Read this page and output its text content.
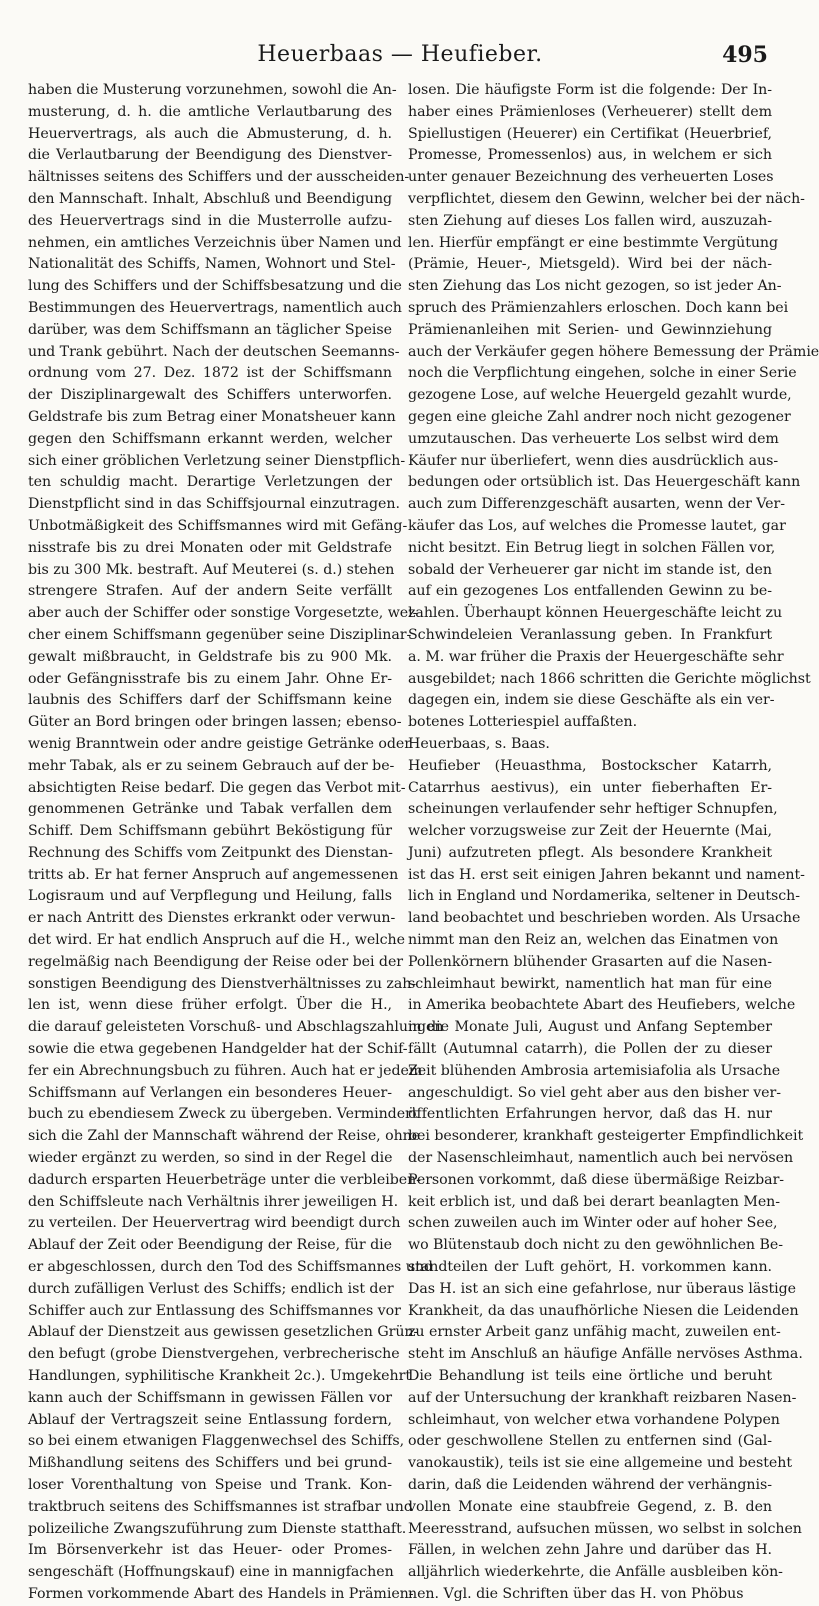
Heuerbaas — Heufieber.	495
haben die Musterung vorzunehmen, sowohl die An-
musterung, d. h. die amtliche Verlautbarung des
Heuervertrags, als auch die Abmusterung, d. h.
die Verlautbarung der Beendigung des Dienstver-
hältnisses seitens des Schiffers und der ausscheiden-
den Mannschaft. Inhalt, Abschluß und Beendigung
des Heuervertrags sind in die Musterrolle aufzu-
nehmen, ein amtliches Verzeichnis über Namen und
Nationalität des Schiffs, Namen, Wohnort und Stel-
lung des Schiffers und der Schiffsbesatzung und die
Bestimmungen des Heuervertrags, namentlich auch
darüber, was dem Schiffsmann an täglicher Speise
und Trank gebührt. Nach der deutschen Seemanns-
ordnung vom 27. Dez. 1872 ist der Schiffsmann
der Disziplinargewalt des Schiffers unterworfen.
Geldstrafe bis zum Betrag einer Monatsheuer kann
gegen den Schiffsmann erkannt werden, welcher
sich einer gröblichen Verletzung seiner Dienstpflich-
ten schuldig macht. Derartige Verletzungen der
Dienstpflicht sind in das Schiffsjournal einzutragen.
Unbotmäßigkeit des Schiffsmannes wird mit Gefäng-
nisstrafe bis zu drei Monaten oder mit Geldstrafe
bis zu 300 Mk. bestraft. Auf Meuterei (s. d.) stehen
strengere Strafen. Auf der andern Seite verfällt
aber auch der Schiffer oder sonstige Vorgesetzte, wel-
cher einem Schiffsmann gegenüber seine Disziplinar-
gewalt mißbraucht, in Geldstrafe bis zu 900 Mk.
oder Gefängnisstrafe bis zu einem Jahr. Ohne Er-
laubnis des Schiffers darf der Schiffsmann keine
Güter an Bord bringen oder bringen lassen; ebenso-
wenig Branntwein oder andre geistige Getränke oder
mehr Tabak, als er zu seinem Gebrauch auf der be-
absichtigten Reise bedarf. Die gegen das Verbot mit-
genommenen Getränke und Tabak verfallen dem
Schiff. Dem Schiffsmann gebührt Beköstigung für
Rechnung des Schiffs vom Zeitpunkt des Dienstan-
tritts ab. Er hat ferner Anspruch auf angemessenen
Logisraum und auf Verpflegung und Heilung, falls
er nach Antritt des Dienstes erkrankt oder verwun-
det wird. Er hat endlich Anspruch auf die H., welche
regelmäßig nach Beendigung der Reise oder bei der
sonstigen Beendigung des Dienstverhältnisses zu zah-
len ist, wenn diese früher erfolgt. Über die H.,
die darauf geleisteten Vorschuß- und Abschlagszahlungen
sowie die etwa gegebenen Handgelder hat der Schif-
fer ein Abrechnungsbuch zu führen. Auch hat er jedem
Schiffsmann auf Verlangen ein besonderes Heuer-
buch zu ebendiesem Zweck zu übergeben. Vermindert
sich die Zahl der Mannschaft während der Reise, ohne
wieder ergänzt zu werden, so sind in der Regel die
dadurch ersparten Heuerbeträge unter die verbleiben-
den Schiffsleute nach Verhältnis ihrer jeweiligen H.
zu verteilen. Der Heuervertrag wird beendigt durch
Ablauf der Zeit oder Beendigung der Reise, für die
er abgeschlossen, durch den Tod des Schiffsmannes und
durch zufälligen Verlust des Schiffs; endlich ist der
Schiffer auch zur Entlassung des Schiffsmannes vor
Ablauf der Dienstzeit aus gewissen gesetzlichen Grün-
den befugt (grobe Dienstvergehen, verbrecherische
Handlungen, syphilitische Krankheit 2c.). Umgekehrt
kann auch der Schiffsmann in gewissen Fällen vor
Ablauf der Vertragszeit seine Entlassung fordern,
so bei einem etwanigen Flaggenwechsel des Schiffs,
Mißhandlung seitens des Schiffers und bei grund-
loser Vorenthaltung von Speise und Trank. Kon-
traktbruch seitens des Schiffsmannes ist strafbar und
polizeiliche Zwangszuführung zum Dienste statthaft.
Im Börsenverkehr ist das Heuer- oder Promes-
sengeschäft (Hoffnungskauf) eine in mannigfachen
Formen vorkommende Abart des Handels in Prämien-
losen. Die häufigste Form ist die folgende: Der In-
haber eines Prämienloses (Verheuerer) stellt dem
Spiellustigen (Heuerer) ein Certifikat (Heuerbrief,
Promesse, Promessenlos) aus, in welchem er sich
unter genauer Bezeichnung des verheuerten Loses
verpflichtet, diesem den Gewinn, welcher bei der näch-
sten Ziehung auf dieses Los fallen wird, auszuzah-
len. Hierfür empfängt er eine bestimmte Vergütung
(Prämie, Heuer-, Mietsgeld). Wird bei der näch-
sten Ziehung das Los nicht gezogen, so ist jeder An-
spruch des Prämienzahlers erloschen. Doch kann bei
Prämienanleihen mit Serien- und Gewinnziehung
auch der Verkäufer gegen höhere Bemessung der Prämie
noch die Verpflichtung eingehen, solche in einer Serie
gezogene Lose, auf welche Heuergeld gezahlt wurde,
gegen eine gleiche Zahl andrer noch nicht gezogener
umzutauschen. Das verheuerte Los selbst wird dem
Käufer nur überliefert, wenn dies ausdrücklich aus-
bedungen oder ortsüblich ist. Das Heuergeschäft kann
auch zum Differenzgeschäft ausarten, wenn der Ver-
käufer das Los, auf welches die Promesse lautet, gar
nicht besitzt. Ein Betrug liegt in solchen Fällen vor,
sobald der Verheuerer gar nicht im stande ist, den
auf ein gezogenes Los entfallenden Gewinn zu be-
zahlen. Überhaupt können Heuergeschäfte leicht zu
Schwindeleien Veranlassung geben. In Frankfurt
a. M. war früher die Praxis der Heuergeschäfte sehr
ausgebildet; nach 1866 schritten die Gerichte möglichst
dagegen ein, indem sie diese Geschäfte als ein ver-
botenes Lotteriespiel auffaßten.
Heuerbaas, s. Baas.
Heufieber (Heuasthma, Bostockscher Katarrh,
Catarrhus aestivus), ein unter fieberhaften Er-
scheinungen verlaufender sehr heftiger Schnupfen,
welcher vorzugsweise zur Zeit der Heuernte (Mai,
Juni) aufzutreten pflegt. Als besondere Krankheit
ist das H. erst seit einigen Jahren bekannt und nament-
lich in England und Nordamerika, seltener in Deutsch-
land beobachtet und beschrieben worden. Als Ursache
nimmt man den Reiz an, welchen das Einatmen von
Pollenkörnern blühender Grasarten auf die Nasen-
schleimhaut bewirkt, namentlich hat man für eine
in Amerika beobachtete Abart des Heufiebers, welche
in die Monate Juli, August und Anfang September
fällt (Autumnal catarrh), die Pollen der zu dieser
Zeit blühenden Ambrosia artemisiafolia als Ursache
angeschuldigt. So viel geht aber aus den bisher ver-
öffentlichten Erfahrungen hervor, daß das H. nur
bei besonderer, krankhaft gesteigerter Empfindlichkeit
der Nasenschleimhaut, namentlich auch bei nervösen
Personen vorkommt, daß diese übermäßige Reizbar-
keit erblich ist, und daß bei derart beanlagten Men-
schen zuweilen auch im Winter oder auf hoher See,
wo Blütenstaub doch nicht zu den gewöhnlichen Be-
standteilen der Luft gehört, H. vorkommen kann.
Das H. ist an sich eine gefahrlose, nur überaus lästige
Krankheit, da das unaufhörliche Niesen die Leidenden
zu ernster Arbeit ganz unfähig macht, zuweilen ent-
steht im Anschluß an häufige Anfälle nervöses Asthma.
Die Behandlung ist teils eine örtliche und beruht
auf der Untersuchung der krankhaft reizbaren Nasen-
schleimhaut, von welcher etwa vorhandene Polypen
oder geschwollene Stellen zu entfernen sind (Gal-
vanokaustik), teils ist sie eine allgemeine und besteht
darin, daß die Leidenden während der verhängnis-
vollen Monate eine staubfreie Gegend, z. B. den
Meeresstrand, aufsuchen müssen, wo selbst in solchen
Fällen, in welchen zehn Jahre und darüber das H.
alljährlich wiederkehrte, die Anfälle ausbleiben kön-
nen. Vgl. die Schriften über das H. von Phöbus
